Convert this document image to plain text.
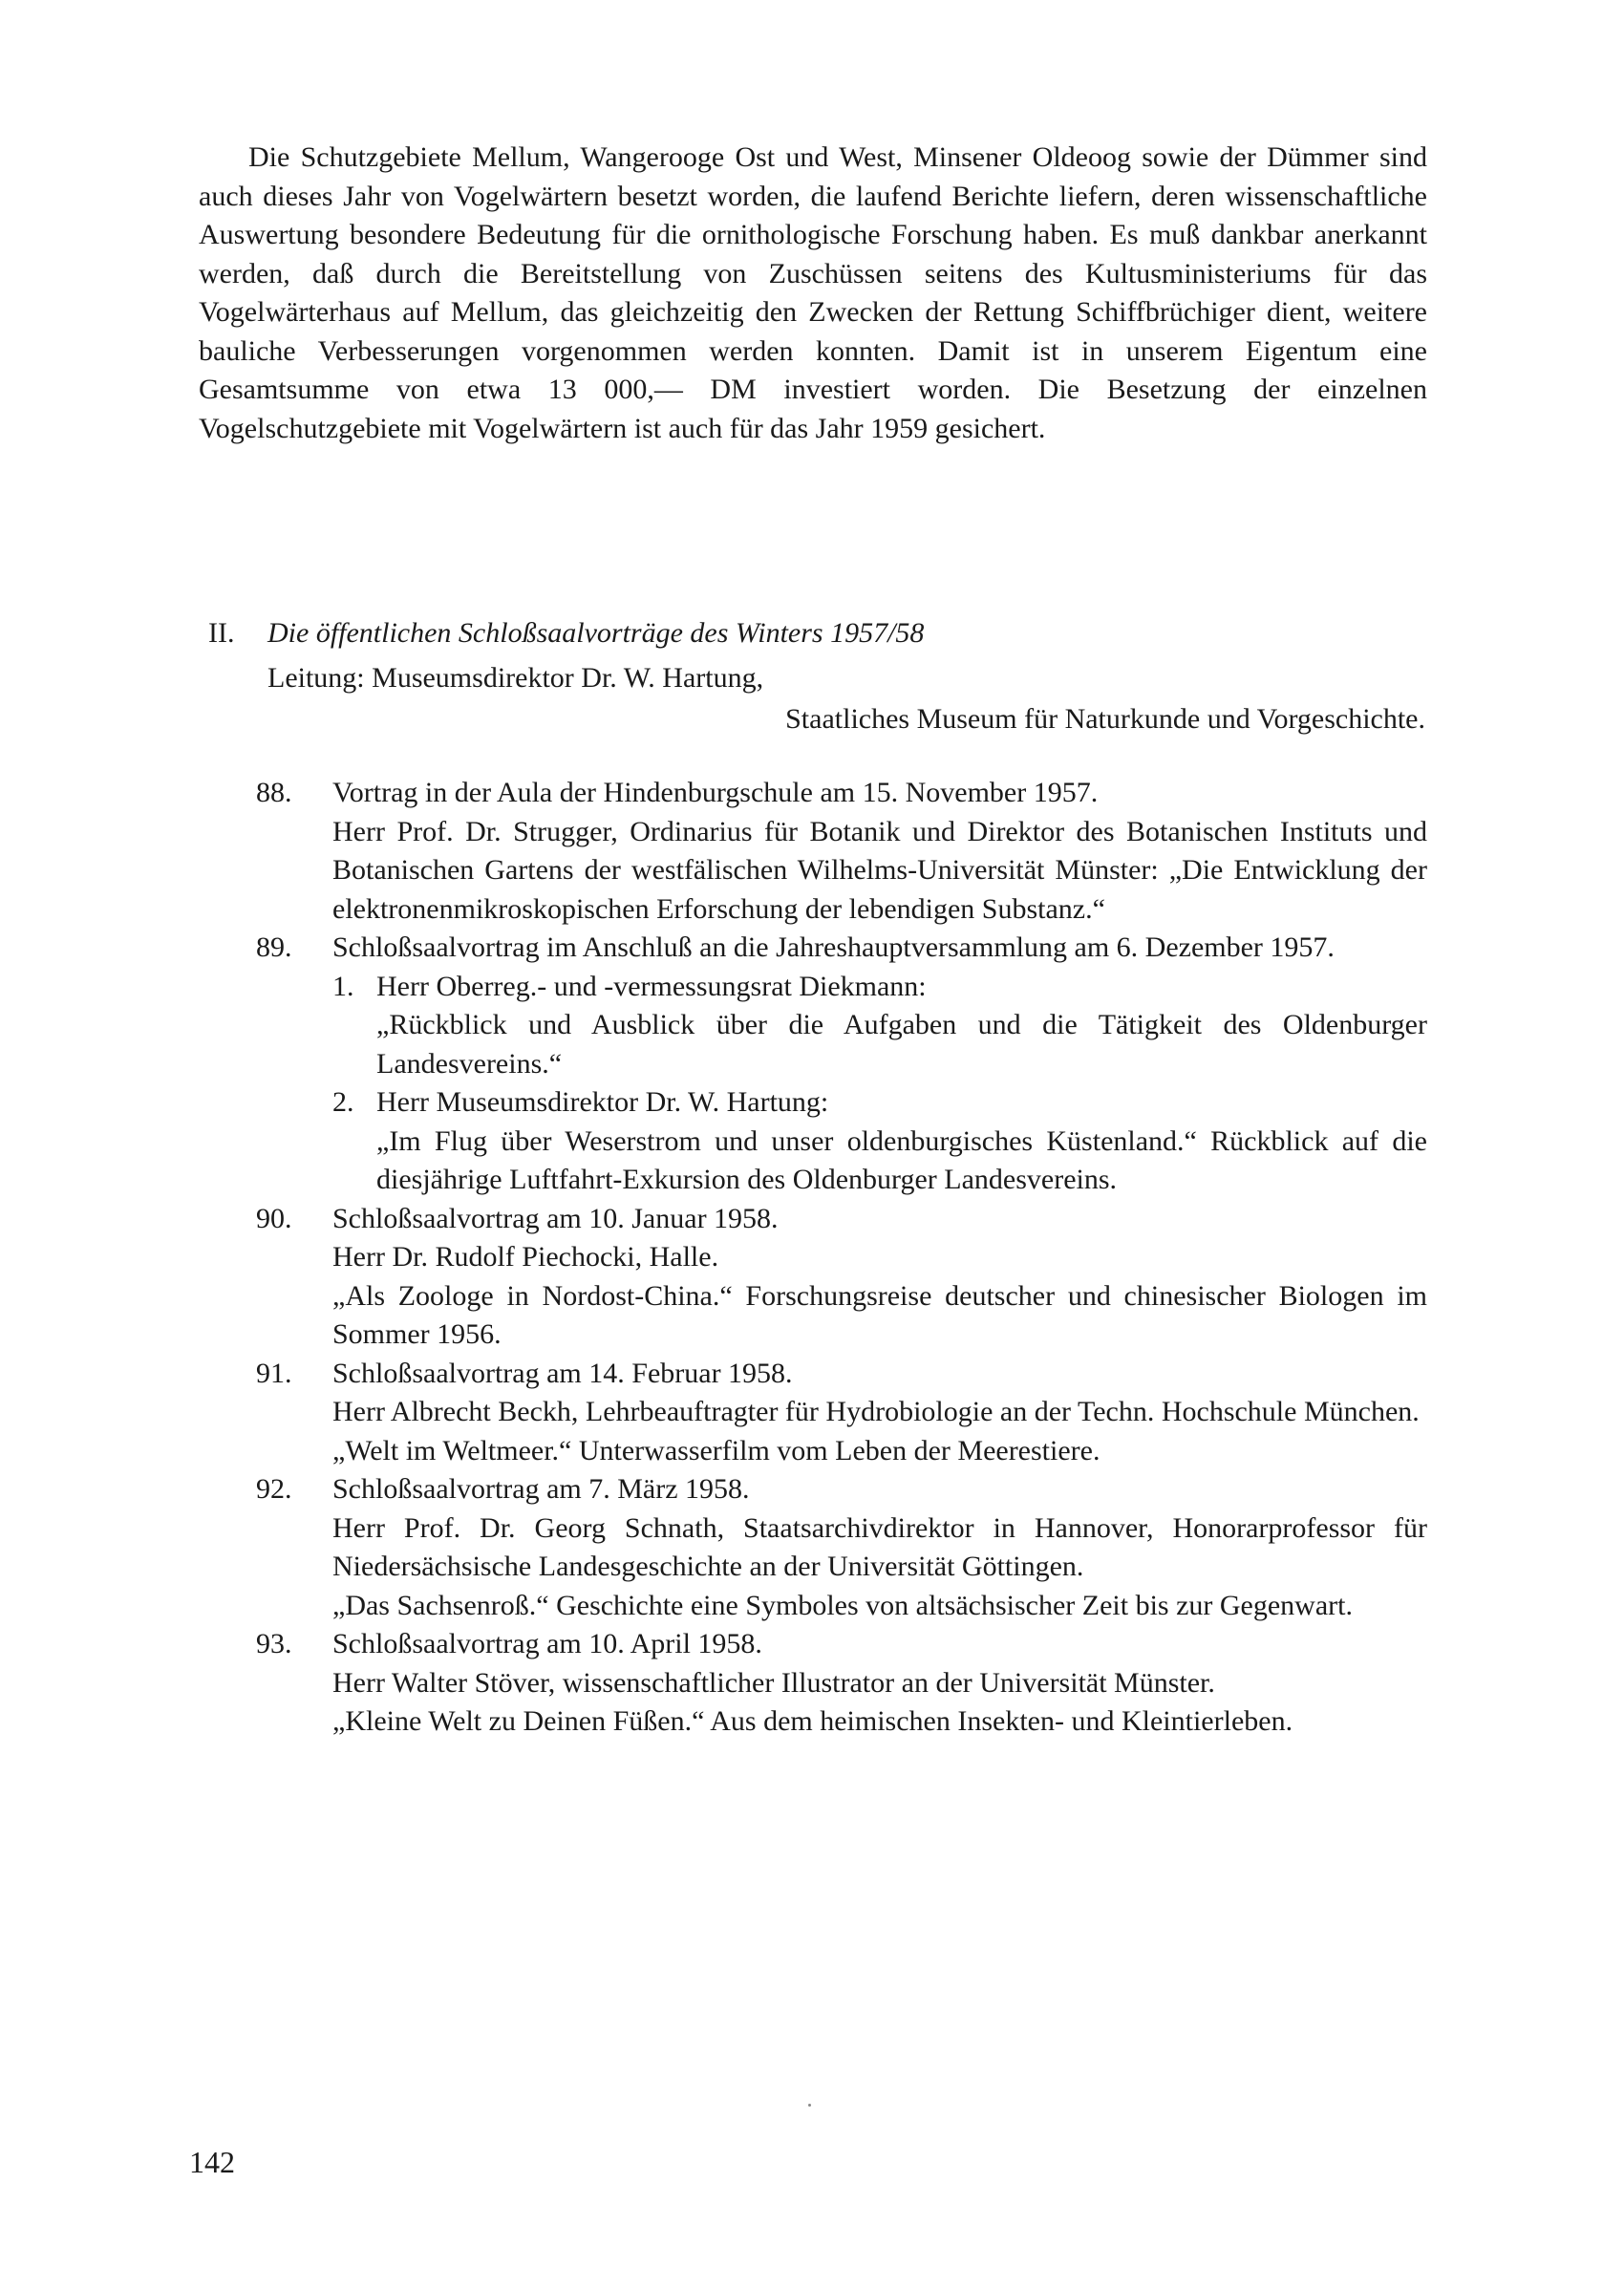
Die Schutzgebiete Mellum, Wangerooge Ost und West, Minsener Oldeoog sowie der Dümmer sind auch dieses Jahr von Vogelwärtern besetzt worden, die laufend Berichte liefern, deren wissenschaftliche Auswertung besondere Bedeutung für die ornithologische Forschung haben. Es muß dankbar anerkannt werden, daß durch die Bereitstellung von Zuschüssen seitens des Kultusministeriums für das Vogelwärterhaus auf Mellum, das gleichzeitig den Zwecken der Rettung Schiffbrüchiger dient, weitere bauliche Verbesserungen vorgenommen werden konnten. Damit ist in unserem Eigentum eine Gesamtsumme von etwa 13 000,— DM investiert worden. Die Besetzung der einzelnen Vogelschutzgebiete mit Vogelwärtern ist auch für das Jahr 1959 gesichert.

II. Die öffentlichen Schloßsaalvorträge des Winters 1957/58
Leitung: Museumsdirektor Dr. W. Hartung,
Staatliches Museum für Naturkunde und Vorgeschichte.
88.	Vortrag in der Aula der Hindenburgschule am 15. November 1957.

Herr Prof. Dr. Strugger, Ordinarius für Botanik und Direktor des Botanischen Instituts und Botanischen Gartens der westfälischen Wilhelms-Universität Münster: „Die Entwicklung der elektronenmikroskopischen Erforschung der lebendigen Substanz.“

89.	Schloßsaalvortrag im Anschluß an die Jahreshauptversammlung am 6. Dezember 1957.

1. Herr Oberreg.- und -vermessungsrat Diekmann:

„Rückblick und Ausblick über die Aufgaben und die Tätigkeit des Oldenburger Landesvereins.“

2. Herr Museumsdirektor Dr. W. Hartung:

„Im Flug über Weserstrom und unser oldenburgisches Küstenland.“ Rückblick auf die diesjährige Luftfahrt-Exkursion des Oldenburger Landesvereins.

90.	Schloßsaalvortrag am 10. Januar 1958.

Herr Dr. Rudolf Piechocki, Halle.

„Als Zoologe in Nordost-China.“ Forschungsreise deutscher und chinesischer Biologen im Sommer 1956.

91.	Schloßsaalvortrag am 14. Februar 1958.

Herr Albrecht Beckh, Lehrbeauftragter für Hydrobiologie an der Techn. Hochschule München.

„Welt im Weltmeer.“ Unterwasserfilm vom Leben der Meerestiere.

92.	Schloßsaalvortrag am 7. März 1958.

Herr Prof. Dr. Georg Schnath, Staatsarchivdirektor in Hannover, Honorarprofessor für Niedersächsische Landesgeschichte an der Universität Göttingen.

„Das Sachsenroß.“ Geschichte eine Symboles von altsächsischer Zeit bis zur Gegenwart.

93.	Schloßsaalvortrag am 10. April 1958.

Herr Walter Stöver, wissenschaftlicher Illustrator an der Universität Münster.

„Kleine Welt zu Deinen Füßen.“ Aus dem heimischen Insekten- und Kleintierleben.

142
